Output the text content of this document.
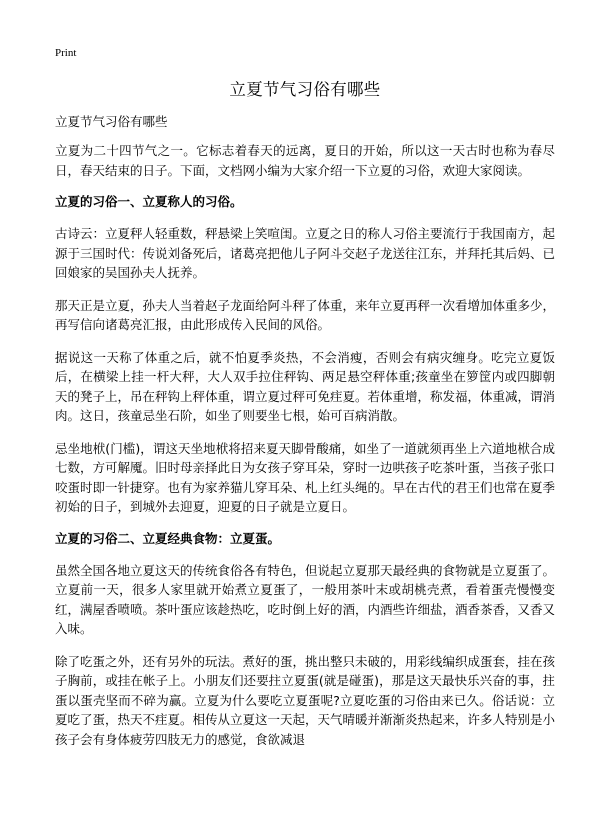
Print
立夏节气习俗有哪些
立夏节气习俗有哪些

立夏为二十四节气之一。它标志着春天的远离，夏日的开始，所以这一天古时也称为春尽日，春天结束的日子。下面，文档网小编为大家介绍一下立夏的习俗，欢迎大家阅读。

立夏的习俗一、立夏称人的习俗。

古诗云：立夏秤人轻重数，秤悬梁上笑喧闺。立夏之日的称人习俗主要流行于我国南方，起源于三国时代：传说刘备死后，诸葛亮把他儿子阿斗交赵子龙送往江东，并拜托其后妈、已回娘家的吴国孙夫人抚养。

那天正是立夏，孙夫人当着赵子龙面给阿斗秤了体重，来年立夏再秤一次看增加体重多少，再写信向诸葛亮汇报，由此形成传入民间的风俗。

据说这一天称了体重之后，就不怕夏季炎热，不会消瘦，否则会有病灾缠身。吃完立夏饭后，在横梁上挂一杆大秤，大人双手拉住秤钩、两足悬空秤体重;孩童坐在箩筐内或四脚朝天的凳子上，吊在秤钩上秤体重，谓立夏过秤可免疰夏。若体重增，称发福，体重减，谓消肉。这日，孩童忌坐石阶，如坐了则要坐七根，始可百病消散。

忌坐地栿(门槛)，谓这天坐地栿将招来夏天脚骨酸痛，如坐了一道就须再坐上六道地栿合成七数，方可解魇。旧时母亲择此日为女孩子穿耳朵，穿时一边哄孩子吃茶叶蛋，当孩子张口咬蛋时即一针捷穿。也有为家养猫儿穿耳朵、札上红头绳的。早在古代的君王们也常在夏季初始的日子，到城外去迎夏，迎夏的日子就是立夏日。

立夏的习俗二、立夏经典食物：立夏蛋。

虽然全国各地立夏这天的传统食俗各有特色，但说起立夏那天最经典的食物就是立夏蛋了。立夏前一天，很多人家里就开始煮立夏蛋了，一般用茶叶末或胡桃壳煮，看着蛋壳慢慢变红，满屋香喷喷。茶叶蛋应该趁热吃，吃时倒上好的酒，内酒些许细盐，酒香茶香，又香又入味。

除了吃蛋之外，还有另外的玩法。煮好的蛋，挑出整只未破的，用彩线编织成蛋套，挂在孩子胸前，或挂在帐子上。小朋友们还要拄立夏蛋(就是碰蛋)，那是这天最快乐兴奋的事，拄蛋以蛋壳坚而不碎为赢。立夏为什么要吃立夏蛋呢?立夏吃蛋的习俗由来已久。俗话说：立夏吃了蛋，热天不疰夏。相传从立夏这一天起，天气晴暖并渐渐炎热起来，许多人特别是小孩子会有身体疲劳四肢无力的感觉，食欲减退
